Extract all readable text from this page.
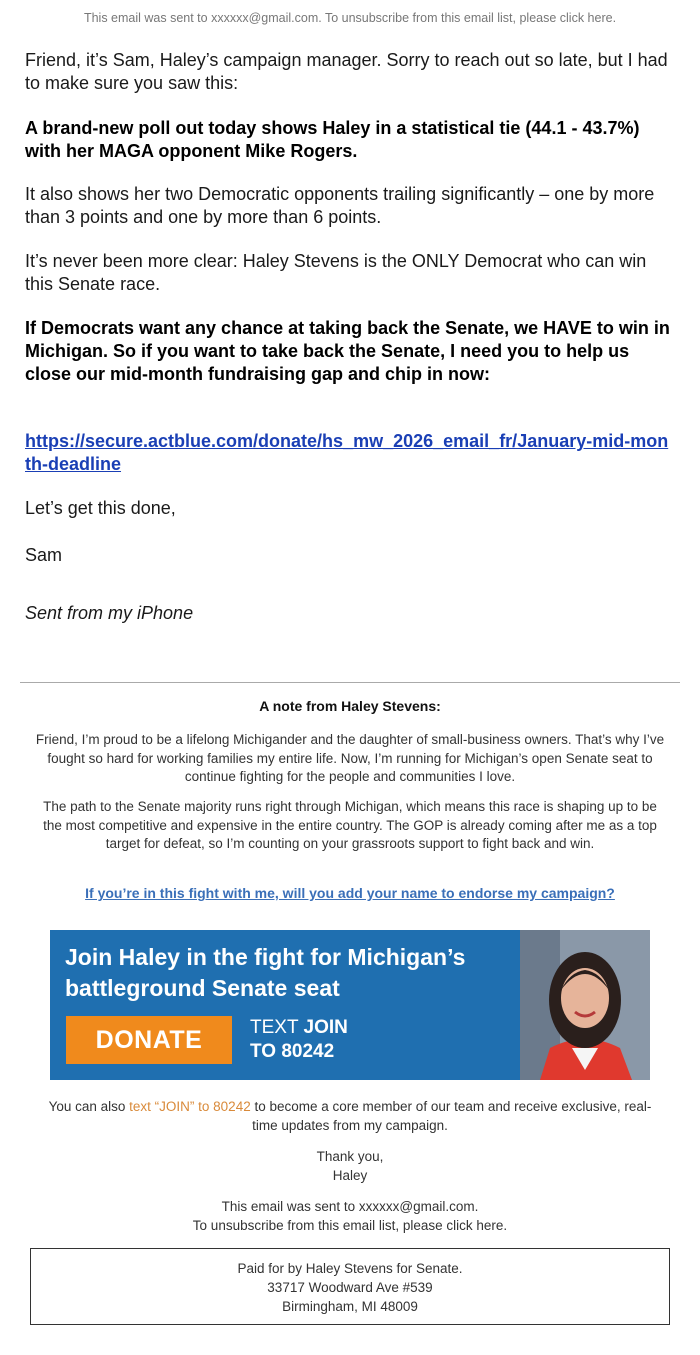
This email was sent to xxxxxx@gmail.com. To unsubscribe from this email list, please click here.
Friend, it’s Sam, Haley’s campaign manager. Sorry to reach out so late, but I had to make sure you saw this:
A brand-new poll out today shows Haley in a statistical tie (44.1 - 43.7%) with her MAGA opponent Mike Rogers.
It also shows her two Democratic opponents trailing significantly – one by more than 3 points and one by more than 6 points.
It’s never been more clear: Haley Stevens is the ONLY Democrat who can win this Senate race.
If Democrats want any chance at taking back the Senate, we HAVE to win in Michigan. So if you want to take back the Senate, I need you to help us close our mid-month fundraising gap and chip in now:
https://secure.actblue.com/donate/hs_mw_2026_email_fr/January-mid-month-deadline
Let’s get this done,
Sam
Sent from my iPhone
A note from Haley Stevens:
Friend, I’m proud to be a lifelong Michigander and the daughter of small-business owners. That’s why I’ve fought so hard for working families my entire life. Now, I’m running for Michigan’s open Senate seat to continue fighting for the people and communities I love.
The path to the Senate majority runs right through Michigan, which means this race is shaping up to be the most competitive and expensive in the entire country. The GOP is already coming after me as a top target for defeat, so I’m counting on your grassroots support to fight back and win.
If you’re in this fight with me, will you add your name to endorse my campaign?
Join Haley in the fight for Michigan’s battleground Senate seat
DONATE	TEXT JOIN
TO 80242
You can also text “JOIN” to 80242 to become a core member of our team and receive exclusive, real-time updates from my campaign.
Thank you,
Haley
This email was sent to xxxxxx@gmail.com.
To unsubscribe from this email list, please click here.
Paid for by Haley Stevens for Senate.
33717 Woodward Ave #539
Birmingham, MI 48009
